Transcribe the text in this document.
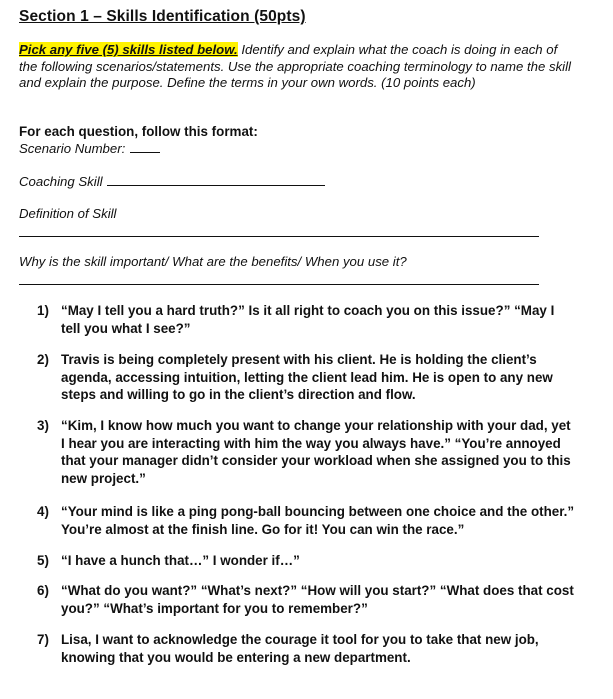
Section 1 – Skills Identification (50pts)
Pick any five (5) skills listed below. Identify and explain what the coach is doing in each of the following scenarios/statements. Use the appropriate coaching terminology to name the skill and explain the purpose. Define the terms in your own words. (10 points each)
For each question, follow this format:
Scenario Number:
Coaching Skill
Definition of Skill
Why is the skill important/ What are the benefits/ When you use it?
1) “May I tell you a hard truth?” Is it all right to coach you on this issue?” “May I tell you what I see?”
2) Travis is being completely present with his client. He is holding the client’s agenda, accessing intuition, letting the client lead him. He is open to any new steps and willing to go in the client’s direction and flow.
3) “Kim, I know how much you want to change your relationship with your dad, yet I hear you are interacting with him the way you always have.” “You’re annoyed that your manager didn’t consider your workload when she assigned you to this new project.”
4) “Your mind is like a ping pong-ball bouncing between one choice and the other.” You’re almost at the finish line. Go for it! You can win the race.”
5) “I have a hunch that…” I wonder if…”
6) “What do you want?” “What’s next?” “How will you start?” “What does that cost you?” “What’s important for you to remember?”
7) Lisa, I want to acknowledge the courage it tool for you to take that new job, knowing that you would be entering a new department.
